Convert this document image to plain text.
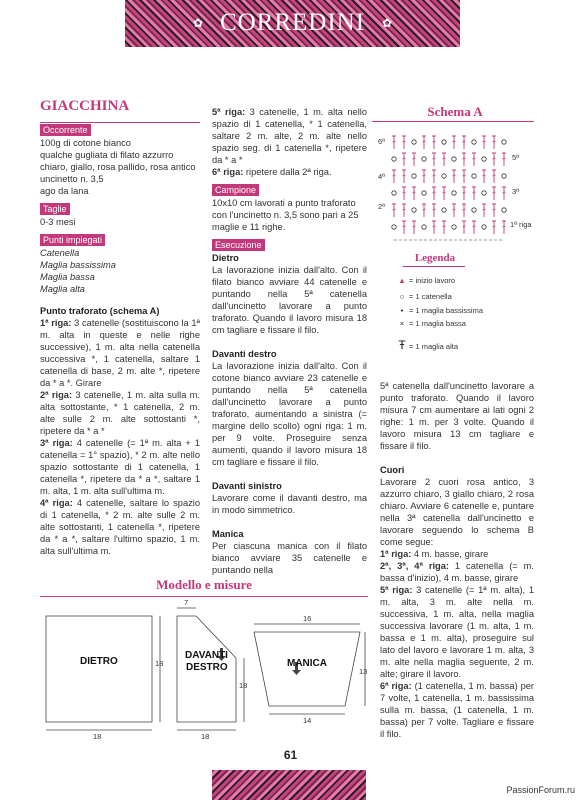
✿ CORREDINI	✿
GIACCHINA
Occorrente

100g di cotone bianco

qualche gugliata di filato azzurro

chiaro, giallo, rosa pallido, rosa antico

uncinetto n. 3,5

ago da lana

Taglie

0-3 mesi

Punti impiegati

Catenella

Maglia bassissima

Maglia bassa

Maglia alta

Punto traforato (schema A)

1ª riga: 3 catenelle (sostituiscono la 1ª m. alta in queste e nelle righe successive), 1 m. alta nella catenella successiva *, 1 catenella, saltare 1 catenella di base, 2 m. alte *, ripetere da * a *. Girare

2ª riga: 3 catenelle, 1 m. alta sulla m. alta sottostante, * 1 catenella, 2 m. alte sulle 2 m. alte sottostanti *, ripetere da * a *

3ª riga: 4 catenelle (= 1ª m. alta + 1 catenella = 1° spazio), * 2 m. alte nello spazio sottostante di 1 catenella, 1 catenella *, ripetere da * a *, saltare 1 m. alta, 1 m. alta sull'ultima m.

4ª riga: 4 catenelle, saltare lo spazio di 1 catenella, * 2 m. alte sulle 2 m. alte sottostanti, 1 catenella *, ripetere da * a *, saltare l'ultimo spazio, 1 m. alta sull'ultima m.

5ª riga: 3 catenelle, 1 m. alta nello spazio di 1 catenella, * 1 catenella, saltare 2 m. alte, 2 m. alte nello spazio seg. di 1 catenella *, ripetere da * a *

6ª riga: ripetere dalla 2ª riga.

Campione

10x10 cm lavorati a punto traforato con l'uncinetto n. 3,5 sono pari a 25 maglie e 11 righe.

Esecuzione

Dietro

La lavorazione inizia dall'alto. Con il filato bianco avviare 44 catenelle e puntando nella 5ª catenella dall'uncinetto lavorare a punto traforato. Quando il lavoro misura 18 cm tagliare e fissare il filo.

Davanti destro

La lavorazione inizia dall'alto. Con il cotone bianco avviare 23 catenelle e puntando nella 5ª catenella dall'uncinetto lavorare a punto traforato, aumentando a sinistra (= margine dello scollo) ogni riga: 1 m. per 9 volte. Proseguire senza aumenti, quando il lavoro misura 18 cm tagliare e fissare il filo.

Davanti sinistro

Lavorare come il davanti destro, ma in modo simmetrico.

Manica

Per ciascuna manica con il filato bianco avviare 35 catenelle e puntando nella

Schema A
6ª
5ª
4ª
3ª
2ª
1ª riga
Legenda
▲ = inizio lavoro
○ = 1 catenella
• = 1 maglia bassissima
× = 1 maglia bassa
Ŧ = 1 maglia alta

5ª catenella dall'uncinetto lavorare a punto traforato. Quando il lavoro misura 7 cm aumentare ai lati ogni 2 righe: 1 m. per 3 volte. Quando il lavoro misura 13 cm tagliare e fissare il filo.

Cuori

Lavorare 2 cuori rosa antico, 3 azzurro chiaro, 3 giallo chiaro, 2 rosa chiaro. Avviare 6 catenelle e, puntare nella 3ª catenella dall'uncinetto e lavorare seguendo lo schema B come segue:

1ª riga: 4 m. basse, girare

2ª, 3ª, 4ª riga: 1 catenella (= m. bassa d'inizio), 4 m. basse, girare

5ª riga: 3 catenelle (= 1ª m. alta), 1 m. alta, 3 m. alte nella m. successiva, 1 m. alta, nella maglia successiva lavorare (1 m. alta, 1 m. bassa e 1 m. alta), proseguire sul lato del lavoro e lavorare 1 m. alta, 3 m. alte nella maglia seguente, 2 m. alte; girare il lavoro.

6ª riga: (1 catenella, 1 m. bassa) per 7 volte, 1 catenella, 1 m. bassissima sulla m. bassa, (1 catenella, 1 m. bassa) per 7 volte. Tagliare e fissare il filo.

Modello e misure
DIETRO
DAVANTI
DESTRO	MANICA
18
18
7
18
18
16
13
14
61
PassionForum.ru
